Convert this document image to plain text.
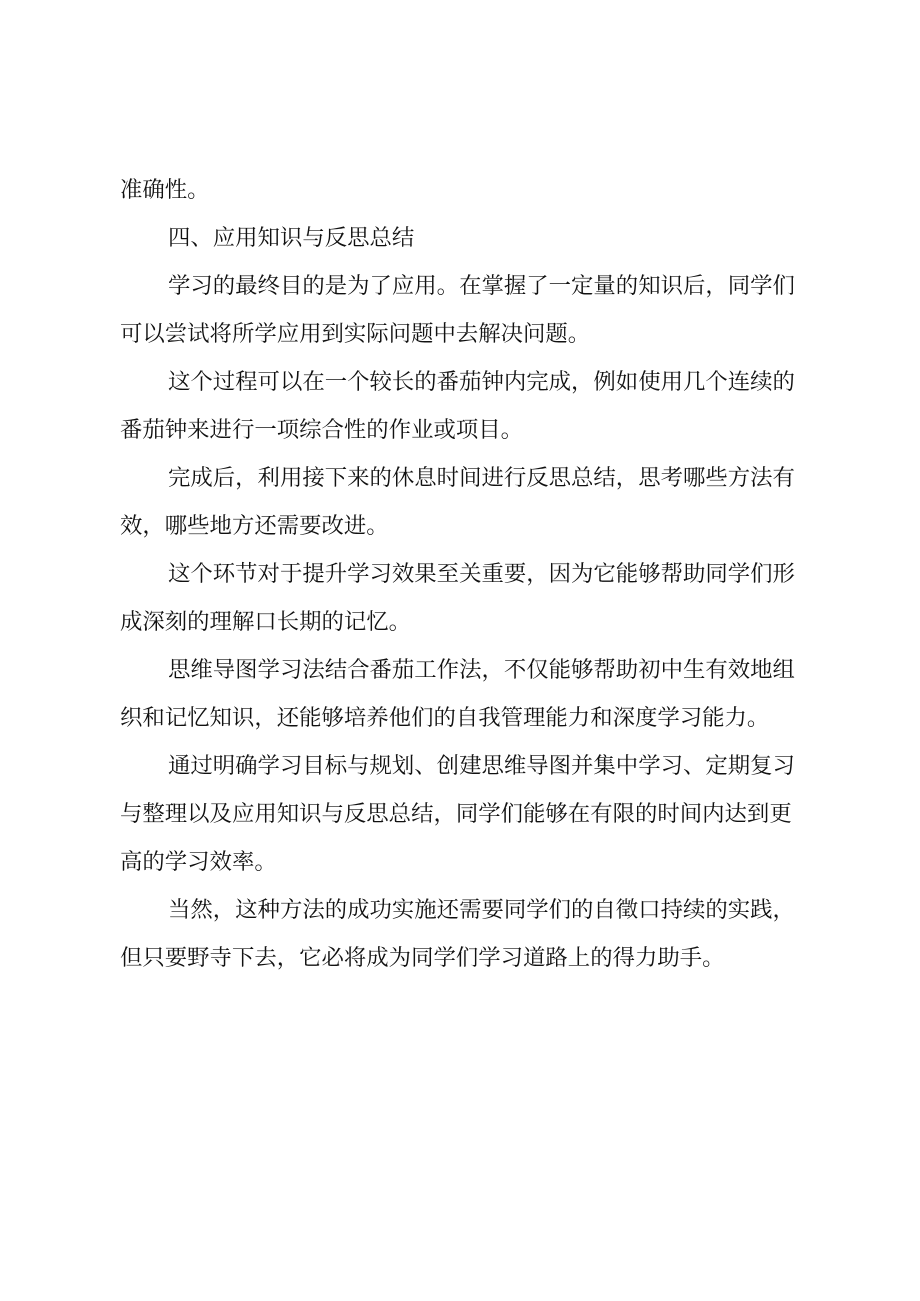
准确性。

四、应用知识与反思总结

学习的最终目的是为了应用。在掌握了一定量的知识后，同学们
可以尝试将所学应用到实际问题中去解决问题。

这个过程可以在一个较长的番茄钟内完成，例如使用几个连续的
番茄钟来进行一项综合性的作业或项目。

完成后，利用接下来的休息时间进行反思总结，思考哪些方法有
效，哪些地方还需要改进。

这个环节对于提升学习效果至关重要，因为它能够帮助同学们形
成深刻的理解口长期的记忆。

思维导图学习法结合番茄工作法，不仅能够帮助初中生有效地组
织和记忆知识，还能够培养他们的自我管理能力和深度学习能力。

通过明确学习目标与规划、创建思维导图并集中学习、定期复习
与整理以及应用知识与反思总结，同学们能够在有限的时间内达到更
高的学习效率。

当然，这种方法的成功实施还需要同学们的自徵口持续的实践，
但只要野寺下去，它必将成为同学们学习道路上的得力助手。
